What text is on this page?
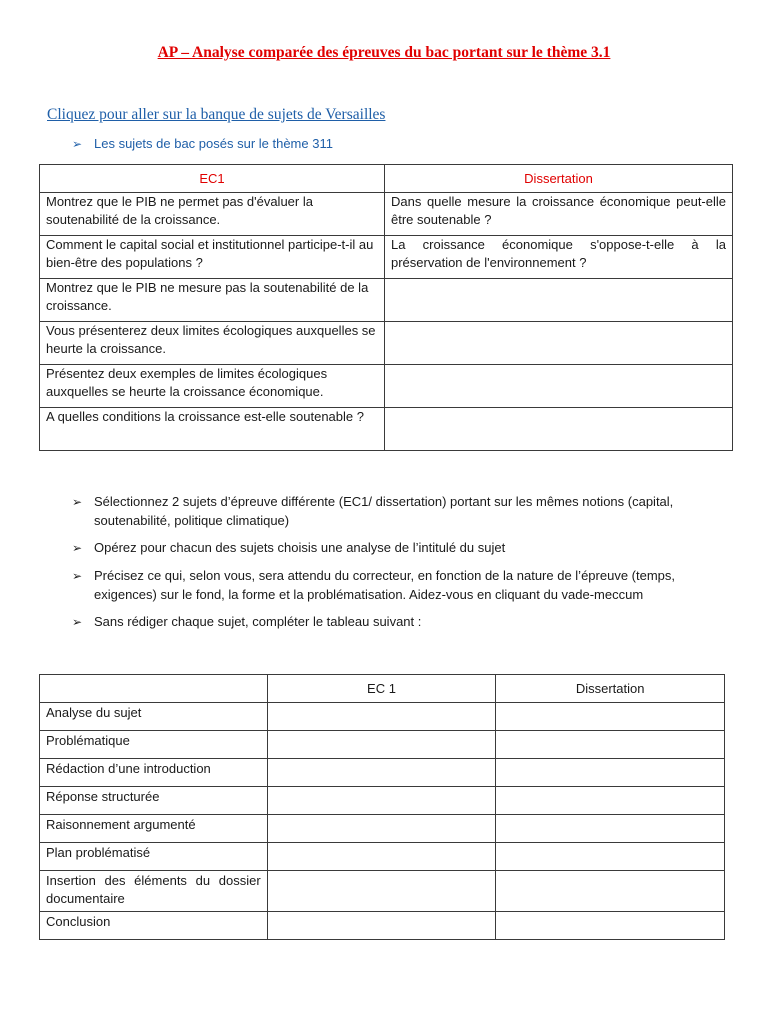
AP – Analyse comparée des épreuves du bac portant sur le thème 3.1
Cliquez pour aller sur la banque de sujets de Versailles
➢ Les sujets de bac posés sur le thème 311
EC1	Dissertation
Montrez que le PIB ne permet pas d'évaluer la soutenabilité de la croissance.	Dans quelle mesure la croissance économique peut-elle être soutenable ?
Comment le capital social et institutionnel participe-t-il au bien-être des populations ?	La croissance économique s'oppose-t-elle à la préservation de l'environnement ?
Montrez que le PIB ne mesure pas la soutenabilité de la croissance.	
Vous présenterez deux limites écologiques auxquelles se heurte la croissance.	
Présentez deux exemples de limites écologiques auxquelles se heurte la croissance économique.	
A quelles conditions la croissance est-elle soutenable ?	
➢ Sélectionnez 2 sujets d’épreuve différente (EC1/ dissertation) portant sur les mêmes notions (capital, soutenabilité, politique climatique)
➢ Opérez pour chacun des sujets choisis une analyse de l’intitulé du sujet
➢ Précisez ce qui, selon vous, sera attendu du correcteur, en fonction de la nature de l’épreuve (temps, exigences) sur le fond, la forme et la problématisation. Aidez-vous en cliquant du vade-meccum
➢ Sans rédiger chaque sujet, compléter le tableau suivant :
	EC 1	Dissertation
Analyse du sujet		
Problématique		
Rédaction d’une introduction		
Réponse structurée		
Raisonnement argumenté		
Plan problématisé		
Insertion des éléments du dossier documentaire		
Conclusion		
